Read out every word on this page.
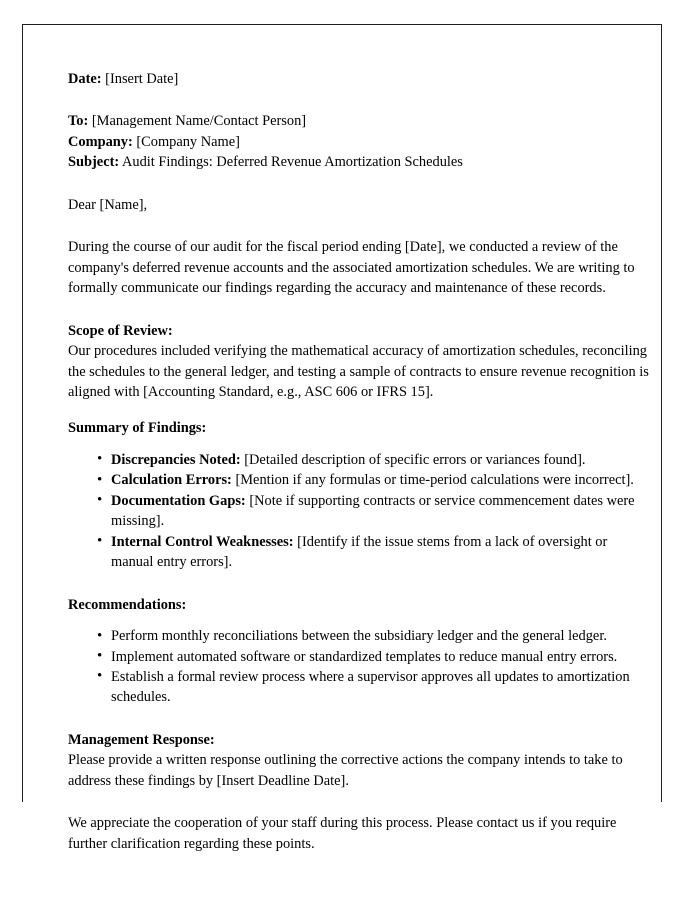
Date: [Insert Date]
To: [Management Name/Contact Person]
Company: [Company Name]
Subject: Audit Findings: Deferred Revenue Amortization Schedules

Dear [Name],

During the course of our audit for the fiscal period ending [Date], we conducted a review of the company's deferred revenue accounts and the associated amortization schedules. We are writing to formally communicate our findings regarding the accuracy and maintenance of these records.

Scope of Review:

Our procedures included verifying the mathematical accuracy of amortization schedules, reconciling the schedules to the general ledger, and testing a sample of contracts to ensure revenue recognition is aligned with [Accounting Standard, e.g., ASC 606 or IFRS 15].

Summary of Findings:
• Discrepancies Noted: [Detailed description of specific errors or variances found].
• Calculation Errors: [Mention if any formulas or time-period calculations were incorrect].
• Documentation Gaps: [Note if supporting contracts or service commencement dates were missing].
• Internal Control Weaknesses: [Identify if the issue stems from a lack of oversight or manual entry errors].
Recommendations:
• Perform monthly reconciliations between the subsidiary ledger and the general ledger.
• Implement automated software or standardized templates to reduce manual entry errors.
• Establish a formal review process where a supervisor approves all updates to amortization schedules.
Management Response:

Please provide a written response outlining the corrective actions the company intends to take to address these findings by [Insert Deadline Date].

We appreciate the cooperation of your staff during this process. Please contact us if you require further clarification regarding these points.
